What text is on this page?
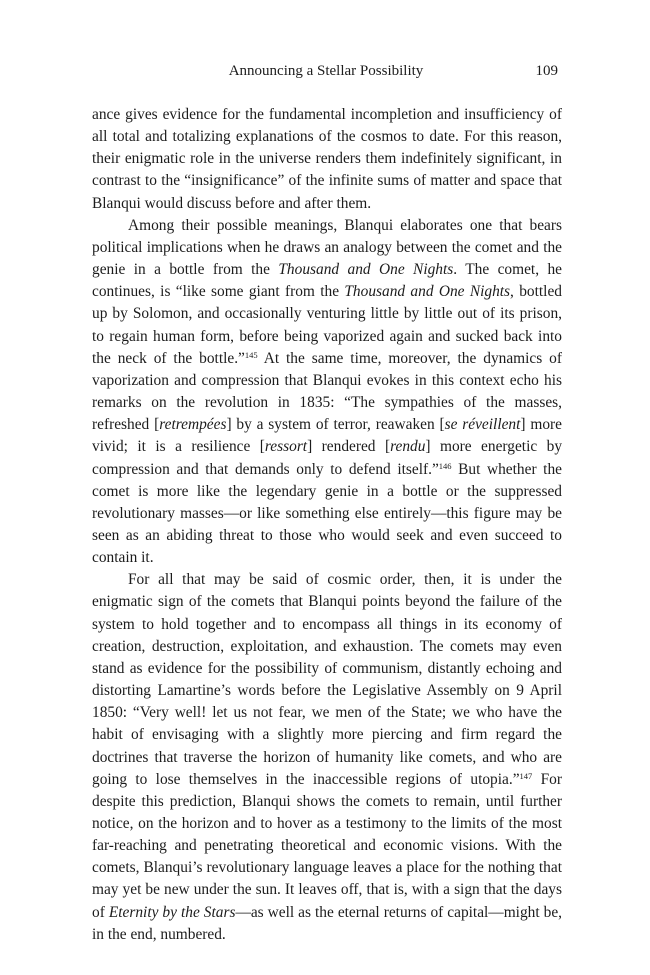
Announcing a Stellar Possibility	109

ance gives evidence for the fundamental incompletion and insufficiency of all total and totalizing explanations of the cosmos to date. For this reason, their enigmatic role in the universe renders them indefinitely significant, in contrast to the “insignificance” of the infinite sums of matter and space that Blanqui would discuss before and after them.

Among their possible meanings, Blanqui elaborates one that bears political implications when he draws an analogy between the comet and the genie in a bottle from the Thousand and One Nights. The comet, he continues, is “like some giant from the Thousand and One Nights, bottled up by Solomon, and occasionally venturing little by little out of its prison, to regain human form, before being vaporized again and sucked back into the neck of the bottle.”$^{145}$ At the same time, moreover, the dynamics of vaporization and compression that Blanqui evokes in this context echo his remarks on the revolution in 1835: “The sympathies of the masses, refreshed [retrempées] by a system of terror, reawaken [se réveillent] more vivid; it is a resilience [ressort] rendered [rendu] more energetic by compression and that demands only to defend itself.”$^{146}$ But whether the comet is more like the legendary genie in a bottle or the suppressed revolutionary masses—or like something else entirely—this figure may be seen as an abiding threat to those who would seek and even succeed to contain it.

For all that may be said of cosmic order, then, it is under the enigmatic sign of the comets that Blanqui points beyond the failure of the system to hold together and to encompass all things in its economy of creation, destruction, exploitation, and exhaustion. The comets may even stand as evidence for the possibility of communism, distantly echoing and distorting Lamartine’s words before the Legislative Assembly on 9 April 1850: “Very well! let us not fear, we men of the State; we who have the habit of envisaging with a slightly more piercing and firm regard the doctrines that traverse the horizon of humanity like comets, and who are going to lose themselves in the inaccessible regions of utopia.”$^{147}$ For despite this prediction, Blanqui shows the comets to remain, until further notice, on the horizon and to hover as a testimony to the limits of the most far-reaching and penetrating theoretical and economic visions. With the comets, Blanqui’s revolutionary language leaves a place for the nothing that may yet be new under the sun. It leaves off, that is, with a sign that the days of Eternity by the Stars—as well as the eternal returns of capital—might be, in the end, numbered.
